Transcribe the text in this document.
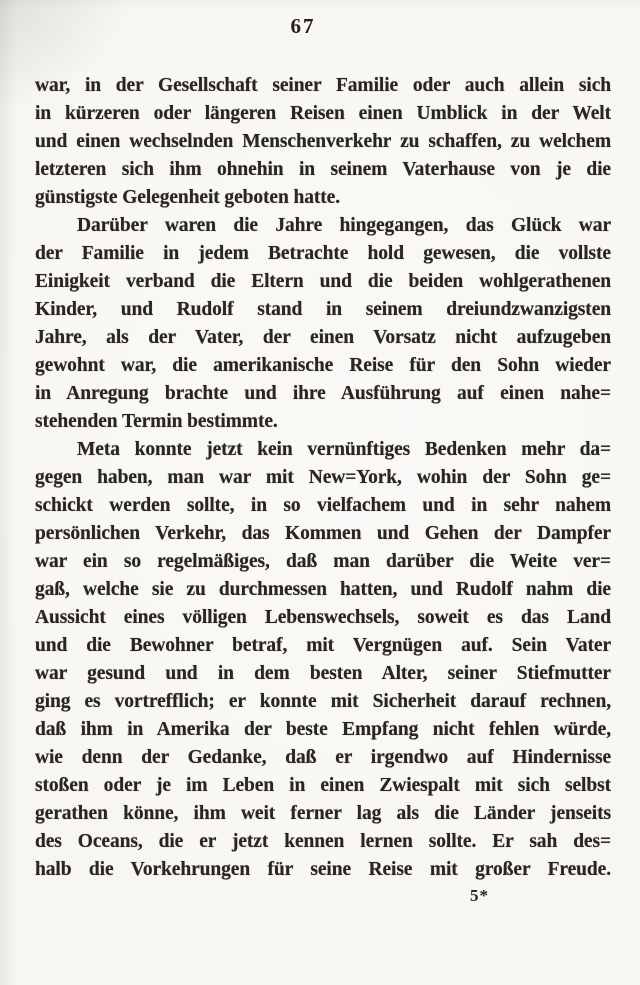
67
war, in der Gesellschaft seiner Familie oder auch allein sich
in kürzeren oder längeren Reisen einen Umblick in der Welt
und einen wechselnden Menschenverkehr zu schaffen, zu welchem
letzteren sich ihm ohnehin in seinem Vaterhause von je die
günstigste Gelegenheit geboten hatte.
Darüber waren die Jahre hingegangen, das Glück war
der Familie in jedem Betrachte hold gewesen, die vollste
Einigkeit verband die Eltern und die beiden wohlgerathenen
Kinder, und Rudolf stand in seinem dreiundzwanzigsten
Jahre, als der Vater, der einen Vorsatz nicht aufzugeben
gewohnt war, die amerikanische Reise für den Sohn wieder
in Anregung brachte und ihre Ausführung auf einen nahe=
stehenden Termin bestimmte.
Meta konnte jetzt kein vernünftiges Bedenken mehr da=
gegen haben, man war mit New=York, wohin der Sohn ge=
schickt werden sollte, in so vielfachem und in sehr nahem
persönlichen Verkehr, das Kommen und Gehen der Dampfer
war ein so regelmäßiges, daß man darüber die Weite ver=
gaß, welche sie zu durchmessen hatten, und Rudolf nahm die
Aussicht eines völligen Lebenswechsels, soweit es das Land
und die Bewohner betraf, mit Vergnügen auf. Sein Vater
war gesund und in dem besten Alter, seiner Stiefmutter
ging es vortrefflich; er konnte mit Sicherheit darauf rechnen,
daß ihm in Amerika der beste Empfang nicht fehlen würde,
wie denn der Gedanke, daß er irgendwo auf Hindernisse
stoßen oder je im Leben in einen Zwiespalt mit sich selbst
gerathen könne, ihm weit ferner lag als die Länder jenseits
des Oceans, die er jetzt kennen lernen sollte. Er sah des=
halb die Vorkehrungen für seine Reise mit großer Freude.
5*
